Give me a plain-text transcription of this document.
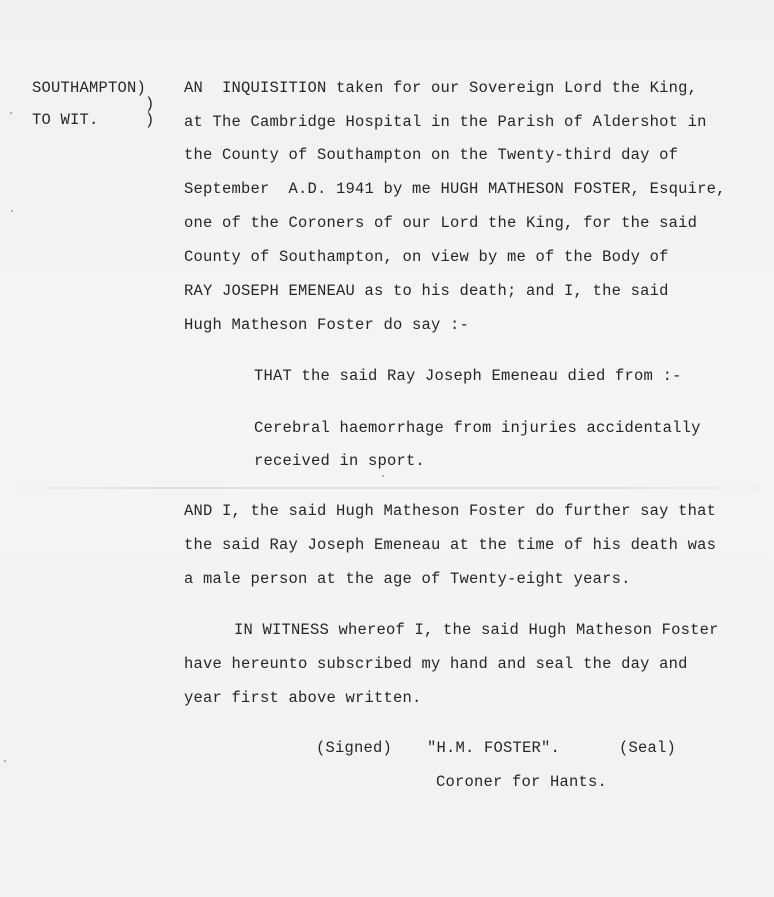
SOUTHAMPTON)
)
TO WIT.	)
AN  INQUISITION taken for our Sovereign Lord the King,
at The Cambridge Hospital in the Parish of Aldershot in
the County of Southampton on the Twenty-third day of
September  A.D. 1941 by me HUGH MATHESON FOSTER, Esquire,
one of the Coroners of our Lord the King, for the said
County of Southampton, on view by me of the Body of
RAY JOSEPH EMENEAU as to his death; and I, the said
Hugh Matheson Foster do say :-
THAT the said Ray Joseph Emeneau died from :-
Cerebral haemorrhage from injuries accidentally
received in sport.
AND I, the said Hugh Matheson Foster do further say that
the said Ray Joseph Emeneau at the time of his death was
a male person at the age of Twenty-eight years.
IN WITNESS whereof I, the said Hugh Matheson Foster
have hereunto subscribed my hand and seal the day and
year first above written.
(Signed) "H.M. FOSTER".	(Seal)
Coroner for Hants.
